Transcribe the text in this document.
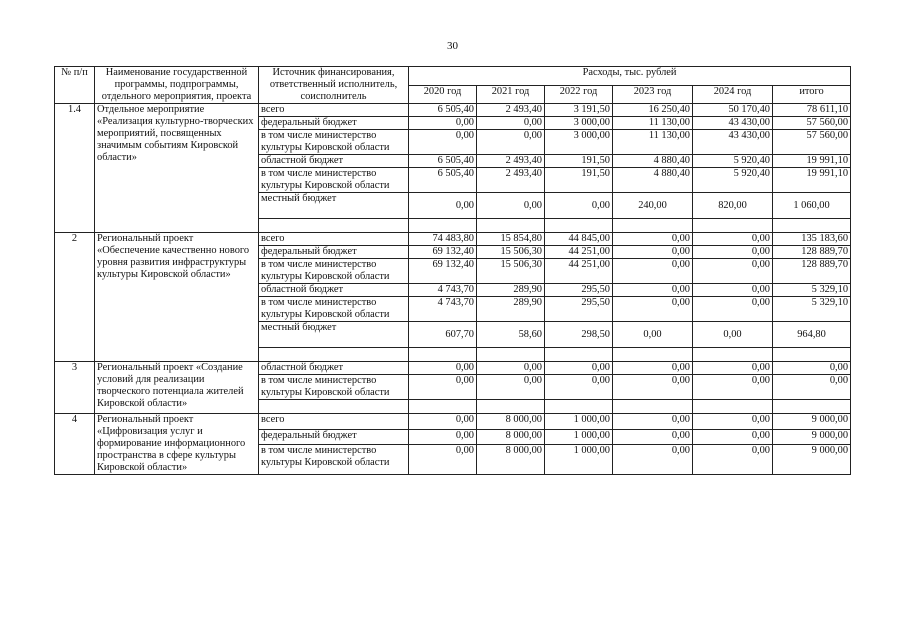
30
№ п/п	Наименование государственной программы, подпрограммы, отдельного мероприятия, проекта	Источник финансирования, ответственный исполнитель, соисполнитель	Расходы, тыс. рублей					
			2020 год	2021 год	2022 год	2023 год	2024 год	итого
1.4	Отдельное мероприятие «Реализация культурно-творческих мероприятий, посвященных значимым событиям Кировской области»	всего	6 505,40	2 493,40	3 191,50	16 250,40	50 170,40	78 611,10
		федеральный бюджет	0,00	0,00	3 000,00	11 130,00	43 430,00	57 560,00
		в том числе министерство культуры Кировской области	0,00	0,00	3 000,00	11 130,00	43 430,00	57 560,00
		областной бюджет	6 505,40	2 493,40	191,50	4 880,40	5 920,40	19 991,10
		в том числе министерство культуры Кировской области	6 505,40	2 493,40	191,50	4 880,40	5 920,40	19 991,10
		местный бюджет	0,00	0,00	0,00	240,00	820,00	1 060,00

2	Региональный проект «Обеспечение качественно нового уровня развития инфраструктуры культуры Кировской области»	всего	74 483,80	15 854,80	44 845,00	0,00	0,00	135 183,60
		федеральный бюджет	69 132,40	15 506,30	44 251,00	0,00	0,00	128 889,70
		в том числе министерство культуры Кировской области	69 132,40	15 506,30	44 251,00	0,00	0,00	128 889,70
		областной бюджет	4 743,70	289,90	295,50	0,00	0,00	5 329,10
		в том числе министерство культуры Кировской области	4 743,70	289,90	295,50	0,00	0,00	5 329,10
		местный бюджет	607,70	58,60	298,50	0,00	0,00	964,80

3	Региональный проект «Создание условий для реализации творческого потенциала жителей Кировской области»	областной бюджет	0,00	0,00	0,00	0,00	0,00	0,00
		в том числе министерство культуры Кировской области	0,00	0,00	0,00	0,00	0,00	0,00

4	Региональный проект «Цифровизация услуг и формирование информационного пространства в сфере культуры Кировской области»	всего	0,00	8 000,00	1 000,00	0,00	0,00	9 000,00
		федеральный бюджет	0,00	8 000,00	1 000,00	0,00	0,00	9 000,00
		в том числе министерство культуры Кировской области	0,00	8 000,00	1 000,00	0,00	0,00	9 000,00
